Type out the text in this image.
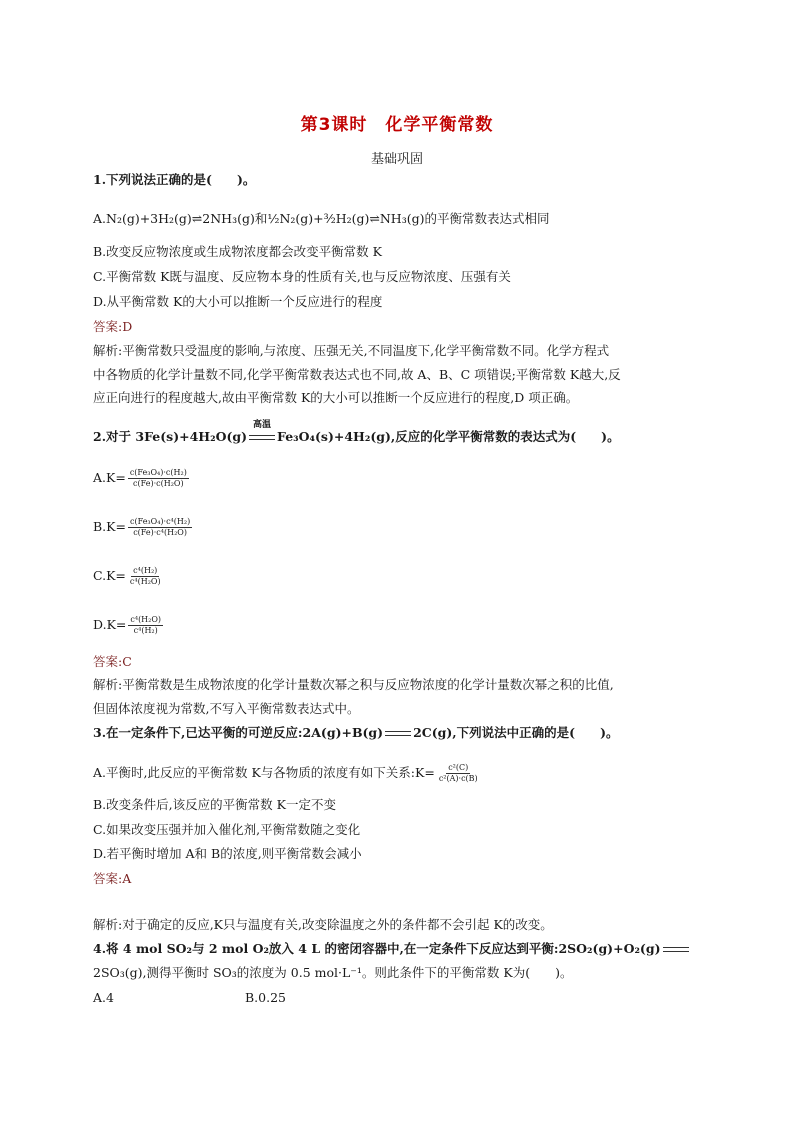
第3课时　化学平衡常数
基础巩固
1.下列说法正确的是(　　)。
A.N₂(g)+3H₂(g)⇌2NH₃(g)和½N₂(g)+³⁄₂H₂(g)⇌NH₃(g)的平衡常数表达式相同
B.改变反应物浓度或生成物浓度都会改变平衡常数 K
C.平衡常数 K既与温度、反应物本身的性质有关,也与反应物浓度、压强有关
D.从平衡常数 K的大小可以推断一个反应进行的程度
答案:D
解析:平衡常数只受温度的影响,与浓度、压强无关,不同温度下,化学平衡常数不同。化学方程式
中各物质的化学计量数不同,化学平衡常数表达式也不同,故 A、B、C 项错误;平衡常数 K越大,反
应正向进行的程度越大,故由平衡常数 K的大小可以推断一个反应进行的程度,D 项正确。
2.对于 3Fe(s)+4H₂O(g)
高温
Fe₃O₄(s)+4H₂(g),反应的化学平衡常数的表达式为(　　)。
$A.K= \frac{\text{c(Fe₃O₄)·c(H₂)}}{\text{c(Fe)·c(H₂O)}}$
$B.K= \frac{\text{c(Fe₃O₄)·c⁴(H₂)}}{\text{c(Fe)·c⁴(H₂O)}}$
$C.K= \frac{\text{c⁴(H₂)}}{\text{c⁴(H₂O)}}$
$D.K= \frac{\text{c⁴(H₂O)}}{\text{c⁴(H₂)}}$
答案:C
解析:平衡常数是生成物浓度的化学计量数次幂之积与反应物浓度的化学计量数次幂之积的比值,
但固体浓度视为常数,不写入平衡常数表达式中。
3.在一定条件下,已达平衡的可逆反应:2A(g)+B(g) 2C(g),下列说法中正确的是(　　)。
A.平衡时,此反应的平衡常数 K与各物质的浓度有如下关系:K= $\frac{\text{c²(C)}}{\text{c²(A)·c(B)}}$
B.改变条件后,该反应的平衡常数 K一定不变
C.如果改变压强并加入催化剂,平衡常数随之变化
D.若平衡时增加 A和 B的浓度,则平衡常数会减小
答案:A
解析:对于确定的反应,K只与温度有关,改变除温度之外的条件都不会引起 K的改变。
4.将 4 mol SO₂与 2 mol O₂放入 4 L 的密闭容器中,在一定条件下反应达到平衡:2SO₂(g)+O₂(g)
2SO₃(g),测得平衡时 SO₃的浓度为 0.5 mol·L⁻¹。则此条件下的平衡常数 K为(　　)。
A.4	B.0.25
